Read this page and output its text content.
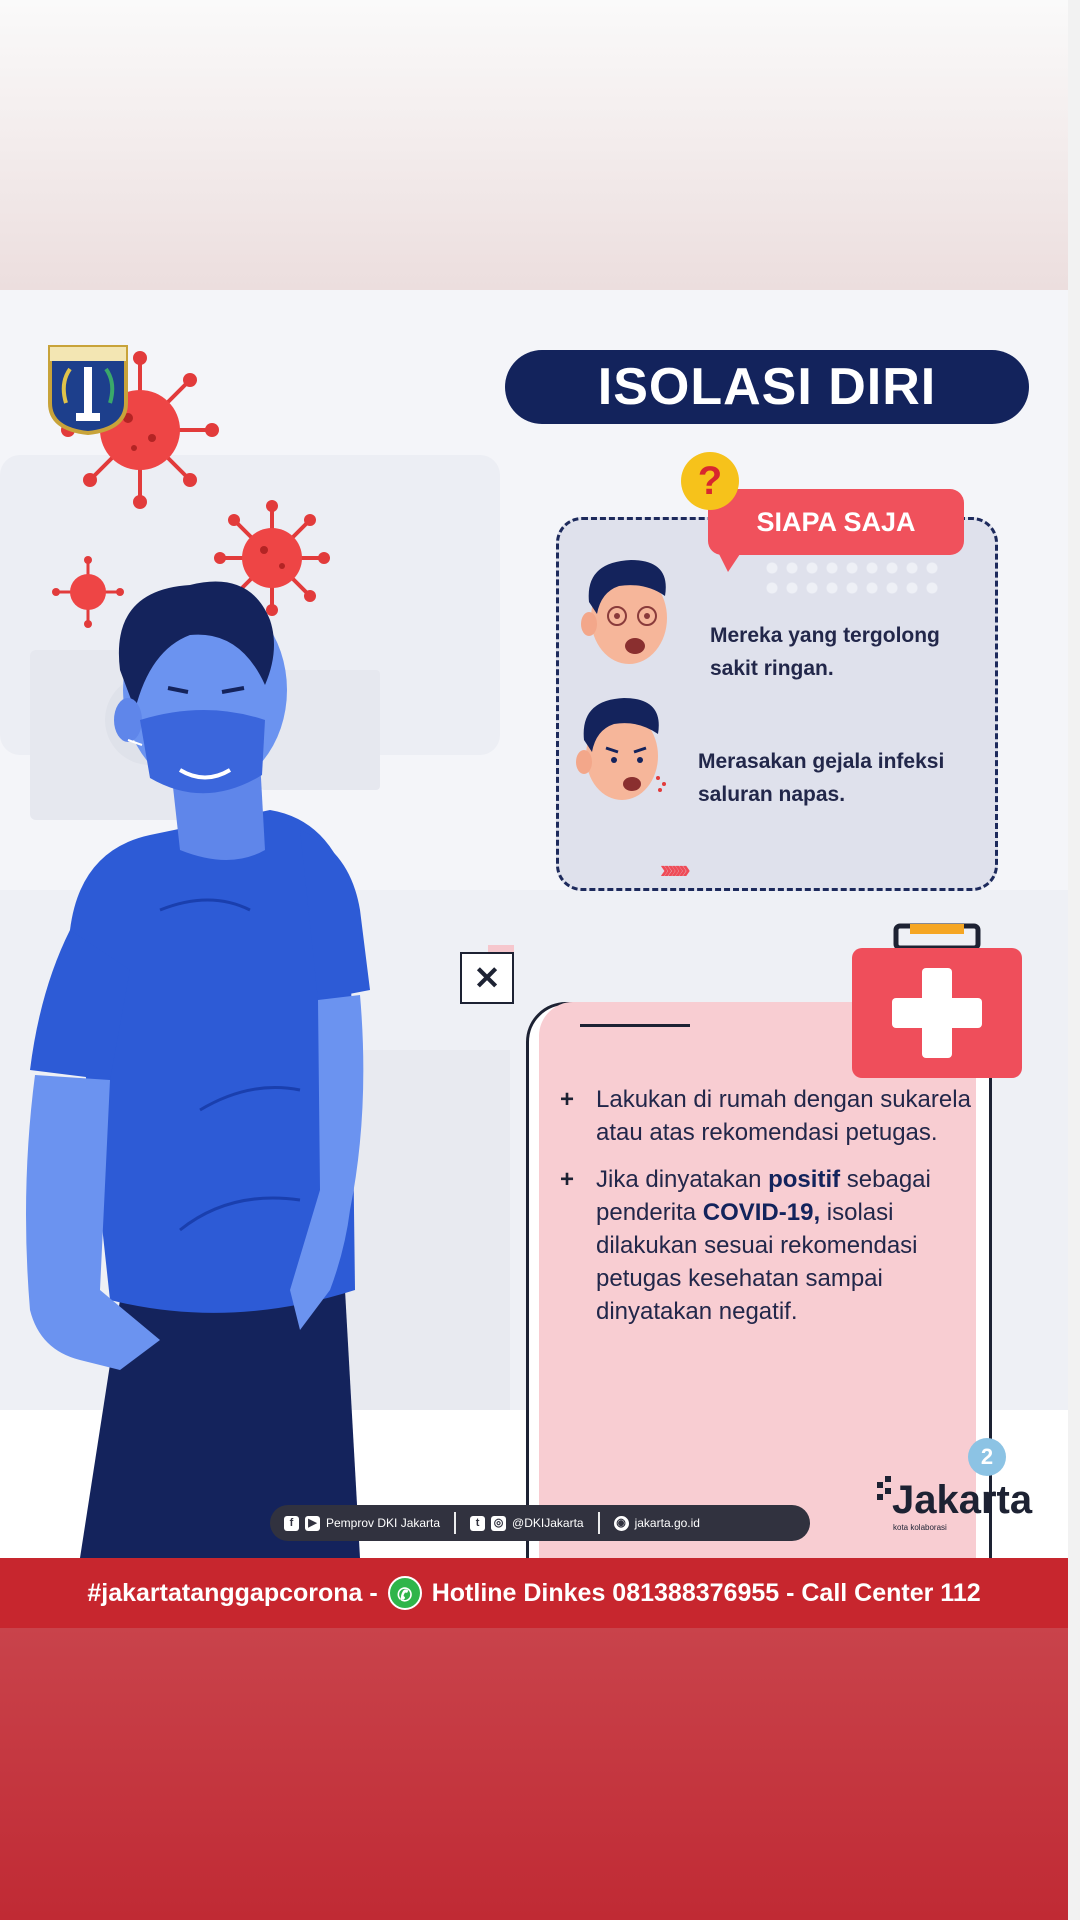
ISOLASI DIRI
SIAPA SAJA
?
Mereka yang tergolong sakit ringan.
Merasakan gejala infeksi saluran napas.
›››››››
✕
+ Lakukan di rumah dengan sukarela atau atas rekomendasi petugas.
+ Jika dinyatakan positif sebagai penderita COVID-19, isolasi dilakukan sesuai rekomendasi petugas kesehatan sampai dinyatakan negatif.
2
Jakarta
kota kolaborasi
f	▶ Pemprov DKI Jakarta	t	◎ @DKIJakarta	◉ jakarta.go.id
#jakartatanggapcorona -	✆ Hotline Dinkes 081388376955 - Call Center 112
